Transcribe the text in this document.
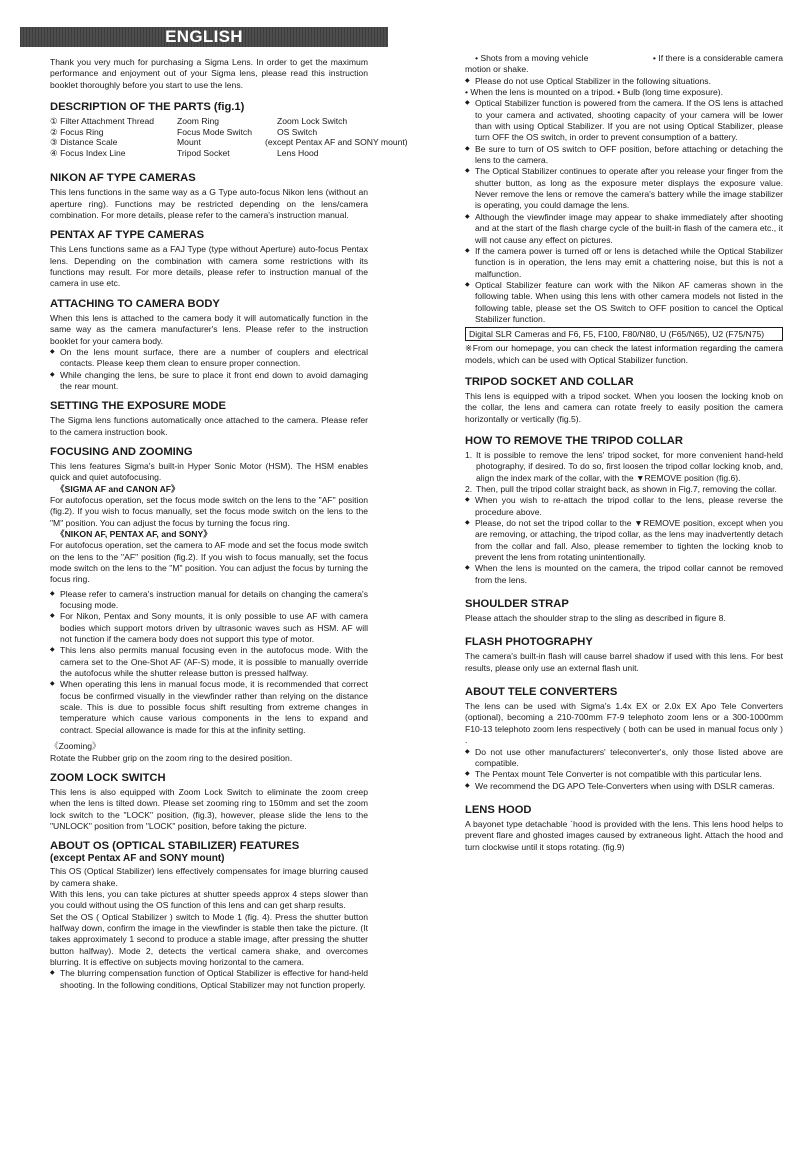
ENGLISH

Thank you very much for purchasing a Sigma Lens. In order to get the maximum performance and enjoyment out of your Sigma lens, please read this instruction booklet thoroughly before you start to use the lens.

DESCRIPTION OF THE PARTS (fig.1)
① Filter Attachment Thread	Zoom Ring	Zoom Lock Switch
② Focus Ring	Focus Mode Switch	OS Switch
③ Distance Scale	Mount	(except Pentax AF and SONY mount)
④ Focus Index Line	Tripod Socket	Lens Hood
NIKON AF TYPE CAMERAS

This lens functions in the same way as a G Type auto-focus Nikon lens (without an aperture ring). Functions may be restricted depending on the lens/camera combination. For more details, please refer to the camera's instruction manual.

PENTAX AF TYPE CAMERAS

This Lens functions same as a FAJ Type (type without Aperture) auto-focus Pentax lens. Depending on the combination with camera some restrictions with its functions may result. For more details, please refer to instruction manual of the camera in use etc.

ATTACHING TO CAMERA BODY

When this lens is attached to the camera body it will automatically function in the same way as the camera manufacturer's lens. Please refer to the instruction booklet for your camera body.

◆ On the lens mount surface, there are a number of couplers and electrical contacts. Please keep them clean to ensure proper connection.
◆ While changing the lens, be sure to place it front end down to avoid damaging the rear mount.
SETTING THE EXPOSURE MODE

The Sigma lens functions automatically once attached to the camera. Please refer to the camera instruction book.

FOCUSING AND ZOOMING

This lens features Sigma's built-in Hyper Sonic Motor (HSM). The HSM enables quick and quiet autofocusing.

《SIGMA AF and CANON AF》

For autofocus operation, set the focus mode switch on the lens to the "AF" position (fig.2). If you wish to focus manually, set the focus mode switch on the lens to the "M" position. You can adjust the focus by turning the focus ring.

《NIKON AF, PENTAX AF, and SONY》

For autofocus operation, set the camera to AF mode and set the focus mode switch on the lens to the "AF" position (fig.2). If you wish to focus manually, set the focus mode switch on the lens to the "M" position. You can adjust the focus by turning the focus ring.

◆ Please refer to camera's instruction manual for details on changing the camera's focusing mode.
◆ For Nikon, Pentax and Sony mounts, it is only possible to use AF with camera bodies which support motors driven by ultrasonic waves such as HSM. AF will not function if the camera body does not support this type of motor.
◆ This lens also permits manual focusing even in the autofocus mode. With the camera set to the One-Shot AF (AF-S) mode, it is possible to manually override the autofocus while the shutter release button is pressed halfway.
◆ When operating this lens in manual focus mode, it is recommended that correct focus be confirmed visually in the viewfinder rather than relying on the distance scale. This is due to possible focus shift resulting from extreme changes in temperature which cause various components in the lens to expand and contract. Special allowance is made for this at the infinity setting.

《Zooming》

Rotate the Rubber grip on the zoom ring to the desired position.

ZOOM LOCK SWITCH

This lens is also equipped with Zoom Lock Switch to eliminate the zoom creep when the lens is tilted down. Please set zooming ring to 150mm and set the zoom lock switch to the "LOCK" position, (fig.3), however, please slide the lens to the "UNLOCK" position from "LOCK" position, before taking the picture.

ABOUT OS (OPTICAL STABILIZER) FEATURES
(except Pentax AF and SONY mount)

This OS (Optical Stabilizer) lens effectively compensates for image blurring caused by camera shake.

With this lens, you can take pictures at shutter speeds approx 4 steps slower than you could without using the OS function of this lens and can get sharp results.

Set the OS ( Optical Stabilizer ) switch to Mode 1 (fig. 4). Press the shutter button halfway down, confirm the image in the viewfinder is stable then take the picture. (It takes approximately 1 second to produce a stable image, after pressing the shutter button halfway). Mode 2, detects the vertical camera shake, and overcomes blurring. It is effective on subjects moving horizontal to the camera.

◆ The blurring compensation function of Optical Stabilizer is effective for hand-held shooting. In the following conditions, Optical Stabilizer may not function properly.
• Shots from a moving vehicle	• If there is a considerable camera

motion or shake.

◆ Please do not use Optical Stabilizer in the following situations.
• When the lens is mounted on a tripod. • Bulb (long time exposure).
◆ Optical Stabilizer function is powered from the camera. If the OS lens is attached to your camera and activated, shooting capacity of your camera will be lower than with using Optical Stabilizer. If you are not using Optical Stabilizer, please turn OFF the OS switch, in order to prevent consumption of a battery.
◆ Be sure to turn of OS switch to OFF position, before attaching or detaching the lens to the camera.
◆ The Optical Stabilizer continues to operate after you release your finger from the shutter button, as long as the exposure meter displays the exposure value. Never remove the lens or remove the camera's battery while the image stabilizer is operating, you could damage the lens.
◆ Although the viewfinder image may appear to shake immediately after shooting and at the start of the flash charge cycle of the built-in flash of the camera etc., it will not cause any effect on pictures.
◆ If the camera power is turned off or lens is detached while the Optical Stabilizer function is in operation, the lens may emit a chattering noise, but this is not a malfunction.
◆ Optical Stabilizer feature can work with the Nikon AF cameras shown in the following table. When using this lens with other camera models not listed in the following table, please set the OS Switch to OFF position to cancel the Optical Stabilizer function.
Digital SLR Cameras and F6, F5, F100, F80/N80, U (F65/N65), U2 (F75/N75)

※From our homepage, you can check the latest information regarding the camera models, which can be used with Optical Stabilizer function.

TRIPOD SOCKET AND COLLAR

This lens is equipped with a tripod socket. When you loosen the locking knob on the collar, the lens and camera can rotate freely to easily position the camera horizontally or vertically (fig.5).

HOW TO REMOVE THE TRIPOD COLLAR
1. It is possible to remove the lens' tripod socket, for more convenient hand-held photography, if desired. To do so, first loosen the tripod collar locking knob, and, align the index mark of the collar, with the ▼REMOVE position (fig.6).
2. Then, pull the tripod collar straight back, as shown in Fig.7, removing the collar.
◆ When you wish to re-attach the tripod collar to the lens, please reverse the procedure above.
◆ Please, do not set the tripod collar to the ▼REMOVE position, except when you are removing, or attaching, the tripod collar, as the lens may inadvertently detach from the collar and fall. Also, please remember to tighten the locking knob to prevent the lens from rotating unintentionally.
◆ When the lens is mounted on the camera, the tripod collar cannot be removed from the lens.
SHOULDER STRAP

Please attach the shoulder strap to the sling as described in figure 8.

FLASH PHOTOGRAPHY

The camera's built-in flash will cause barrel shadow if used with this lens. For best results, please only use an external flash unit.

ABOUT TELE CONVERTERS

The lens can be used with Sigma's 1.4x EX or 2.0x EX Apo Tele Converters (optional), becoming a 210-700mm F7-9 telephoto zoom lens or a 300-1000mm F10-13 telephoto zoom lens respectively ( both can be used in manual focus only ) .

◆ Do not use other manufacturers' teleconverter's, only those listed above are compatible.
◆ The Pentax mount Tele Converter is not compatible with this particular lens.
◆ We recommend the DG APO Tele-Converters when using with DSLR cameras.
LENS HOOD

A bayonet type detachable `hood is provided with the lens. This lens hood helps to prevent flare and ghosted images caused by extraneous light. Attach the hood and turn clockwise until it stops rotating. (fig.9)
